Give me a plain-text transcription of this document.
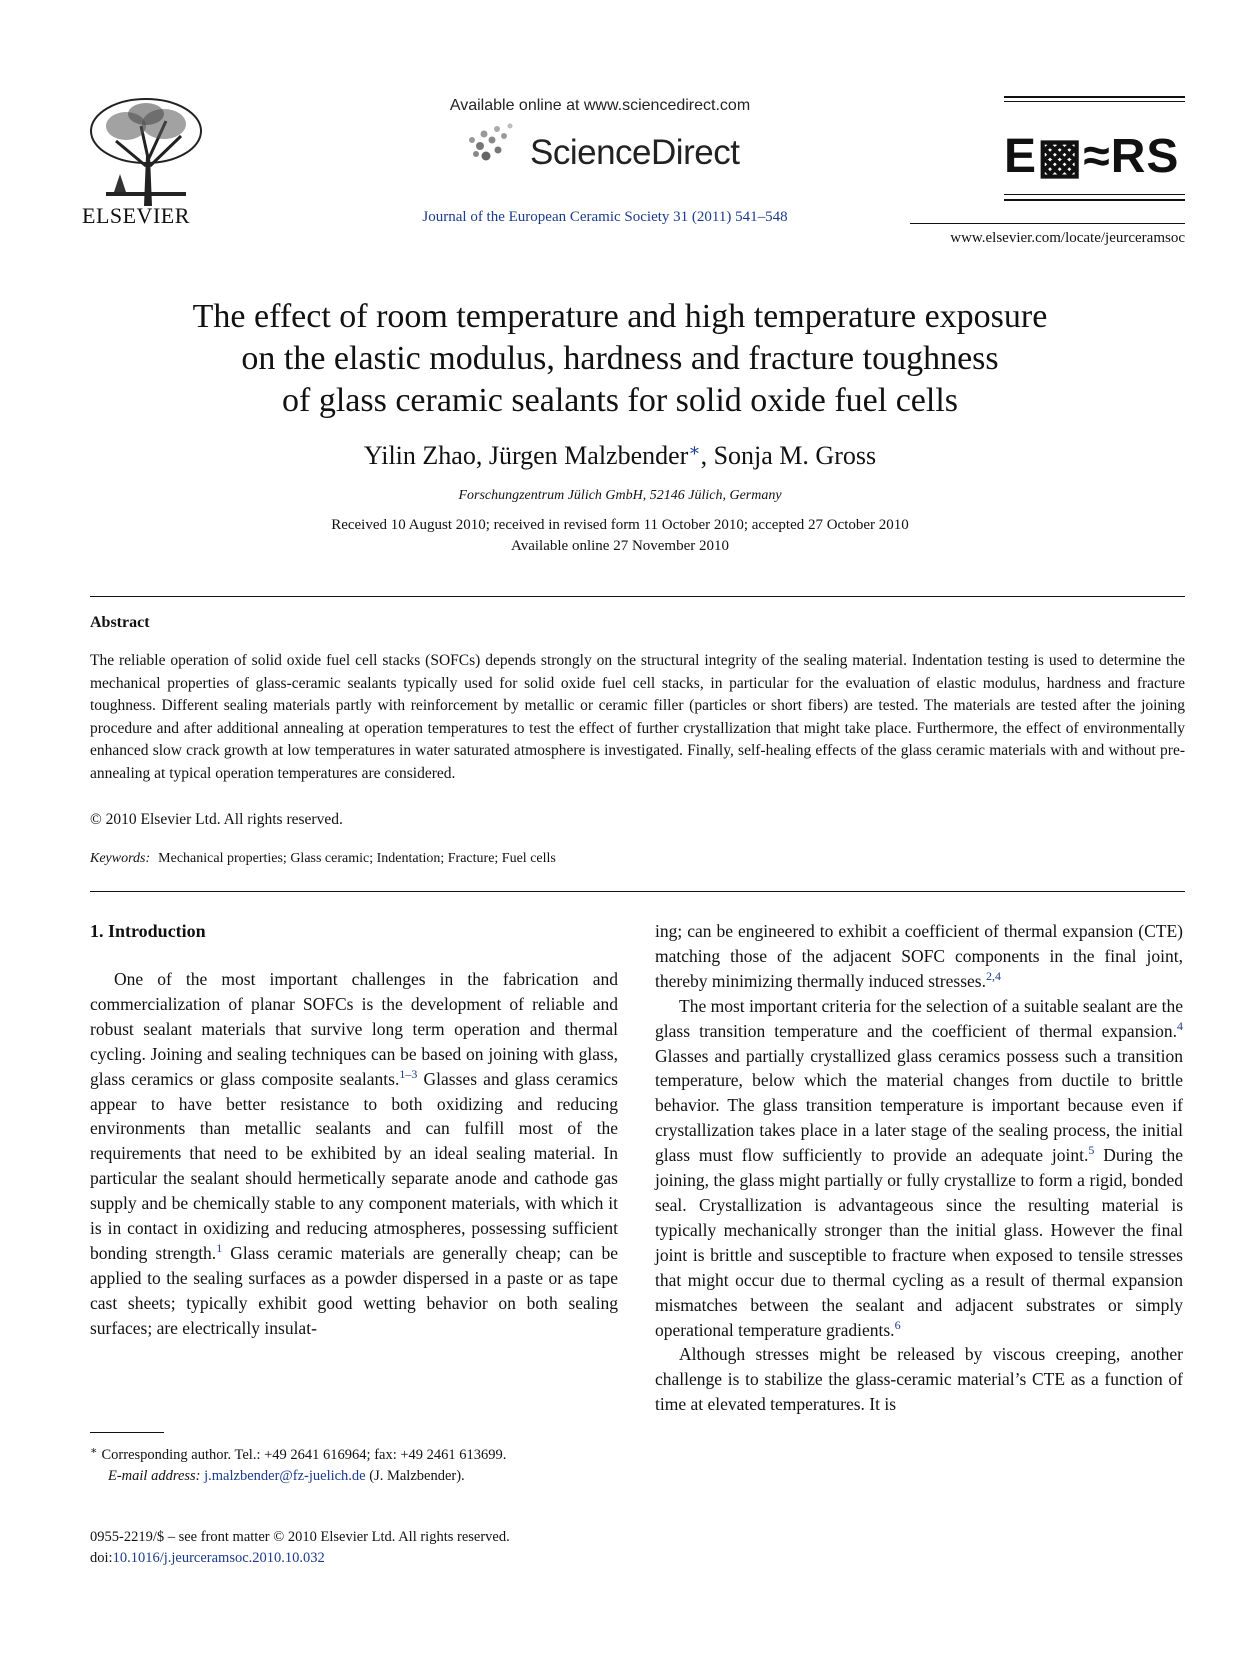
ELSEVIER
Available online at www.sciencedirect.com
ScienceDirect
Journal of the European Ceramic Society 31 (2011) 541–548
E▩≈RS
www.elsevier.com/locate/jeurceramsoc
The effect of room temperature and high temperature exposure
on the elastic modulus, hardness and fracture toughness
of glass ceramic sealants for solid oxide fuel cells
Yilin Zhao, Jürgen Malzbender∗, Sonja M. Gross
Forschungzentrum Jülich GmbH, 52146 Jülich, Germany
Received 10 August 2010; received in revised form 11 October 2010; accepted 27 October 2010
Available online 27 November 2010
Abstract
The reliable operation of solid oxide fuel cell stacks (SOFCs) depends strongly on the structural integrity of the sealing material. Indentation testing is used to determine the mechanical properties of glass-ceramic sealants typically used for solid oxide fuel cell stacks, in particular for the evaluation of elastic modulus, hardness and fracture toughness. Different sealing materials partly with reinforcement by metallic or ceramic filler (particles or short fibers) are tested. The materials are tested after the joining procedure and after additional annealing at operation temperatures to test the effect of further crystallization that might take place. Furthermore, the effect of environmentally enhanced slow crack growth at low temperatures in water saturated atmosphere is investigated. Finally, self-healing effects of the glass ceramic materials with and without pre-annealing at typical operation temperatures are considered.
© 2010 Elsevier Ltd. All rights reserved.
Keywords: Mechanical properties; Glass ceramic; Indentation; Fracture; Fuel cells
1. Introduction

One of the most important challenges in the fabrication and commercialization of planar SOFCs is the development of reliable and robust sealant materials that survive long term operation and thermal cycling. Joining and sealing techniques can be based on joining with glass, glass ceramics or glass composite sealants.$^{1-3}$ Glasses and glass ceramics appear to have better resistance to both oxidizing and reducing environments than metallic sealants and can fulfill most of the requirements that need to be exhibited by an ideal sealing material. In particular the sealant should hermetically separate anode and cathode gas supply and be chemically stable to any component materials, with which it is in contact in oxidizing and reducing atmospheres, possessing sufficient bonding strength.$^1$ Glass ceramic materials are generally cheap; can be applied to the sealing surfaces as a powder dispersed in a paste or as tape cast sheets; typically exhibit good wetting behavior on both sealing surfaces; are electrically insulat-

ing; can be engineered to exhibit a coefficient of thermal expansion (CTE) matching those of the adjacent SOFC components in the final joint, thereby minimizing thermally induced stresses.$^{2,4}$

The most important criteria for the selection of a suitable sealant are the glass transition temperature and the coefficient of thermal expansion.$^4$ Glasses and partially crystallized glass ceramics possess such a transition temperature, below which the material changes from ductile to brittle behavior. The glass transition temperature is important because even if crystallization takes place in a later stage of the sealing process, the initial glass must flow sufficiently to provide an adequate joint.$^5$ During the joining, the glass might partially or fully crystallize to form a rigid, bonded seal. Crystallization is advantageous since the resulting material is typically mechanically stronger than the initial glass. However the final joint is brittle and susceptible to fracture when exposed to tensile stresses that might occur due to thermal cycling as a result of thermal expansion mismatches between the sealant and adjacent substrates or simply operational temperature gradients.$^6$

Although stresses might be released by viscous creeping, another challenge is to stabilize the glass-ceramic material’s CTE as a function of time at elevated temperatures. It is

∗ Corresponding author. Tel.: +49 2641 616964; fax: +49 2461 613699.
E-mail address: j.malzbender@fz-juelich.de (J. Malzbender).
0955-2219/$ – see front matter © 2010 Elsevier Ltd. All rights reserved.
doi:10.1016/j.jeurceramsoc.2010.10.032
